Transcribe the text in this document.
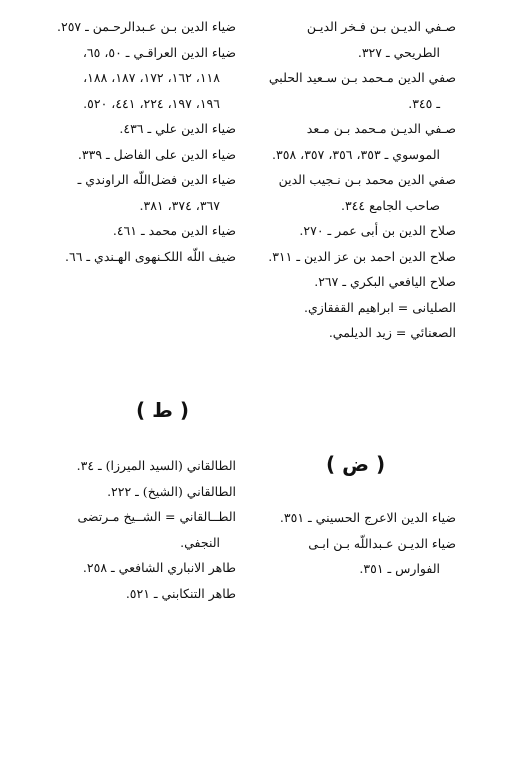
صـفي الديـن بـن فـخر الديـن الطريحي ـ ٣٢٧.

صفي الدين مـحمد بـن سـعيد الحلبي ـ ٣٤٥.

صـفي الديـن مـحمد بـن مـعد الموسوي ـ ٣٥٣، ٣٥٦، ٣٥٧، ٣٥٨.

صفي الدين محمد بـن نـجيب الدين صاحب الجامع ٣٤٤.

صلاح الدين بن أبى عمر ـ ٢٧٠.

صلاح الدين احمد بن عز الدين ـ ٣١١.

صلاح اليافعي البكري ـ ٢٦٧.

الصليانى = ابراهيم القفقازي.

الصعنائي = زيد الديلمي.

ضياء الدين بـن عـبدالرحـمن ـ ٢٥٧.

ضياء الدين العراقـي ـ ٥٠، ٦٥، ١١٨، ١٦٢، ١٧٢، ١٨٧، ١٨٨، ١٩٦، ١٩٧، ٢٢٤، ٤٤١، ٥٢٠.

ضياء الدين علي ـ ٤٣٦.

ضياء الدين على الفاضل ـ ٣٣٩.

ضياء الدين فضل‌اللّه الراوندي ـ ٣٦٧، ٣٧٤، ٣٨١.

ضياء الدين محمد ـ ٤٦١.

ضيف اللّه اللكـنهوى الهـندي ـ ٦٦.

( ط )
( ض )

ضياء الدين الاعرج الحسيني ـ ٣٥١.

ضياء الديـن عـبداللّه بـن ابـى الفوارس ـ ٣٥١.

الطالقاني (السيد الميرزا) ـ ٣٤.

الطالقاني (الشيخ) ـ ٢٢٢.

الطــالقاني = الشــيخ مـرتضى النجفي.

طاهر الانباري الشافعي ـ ٢٥٨.

طاهر التنكابني ـ ٥٢١.
